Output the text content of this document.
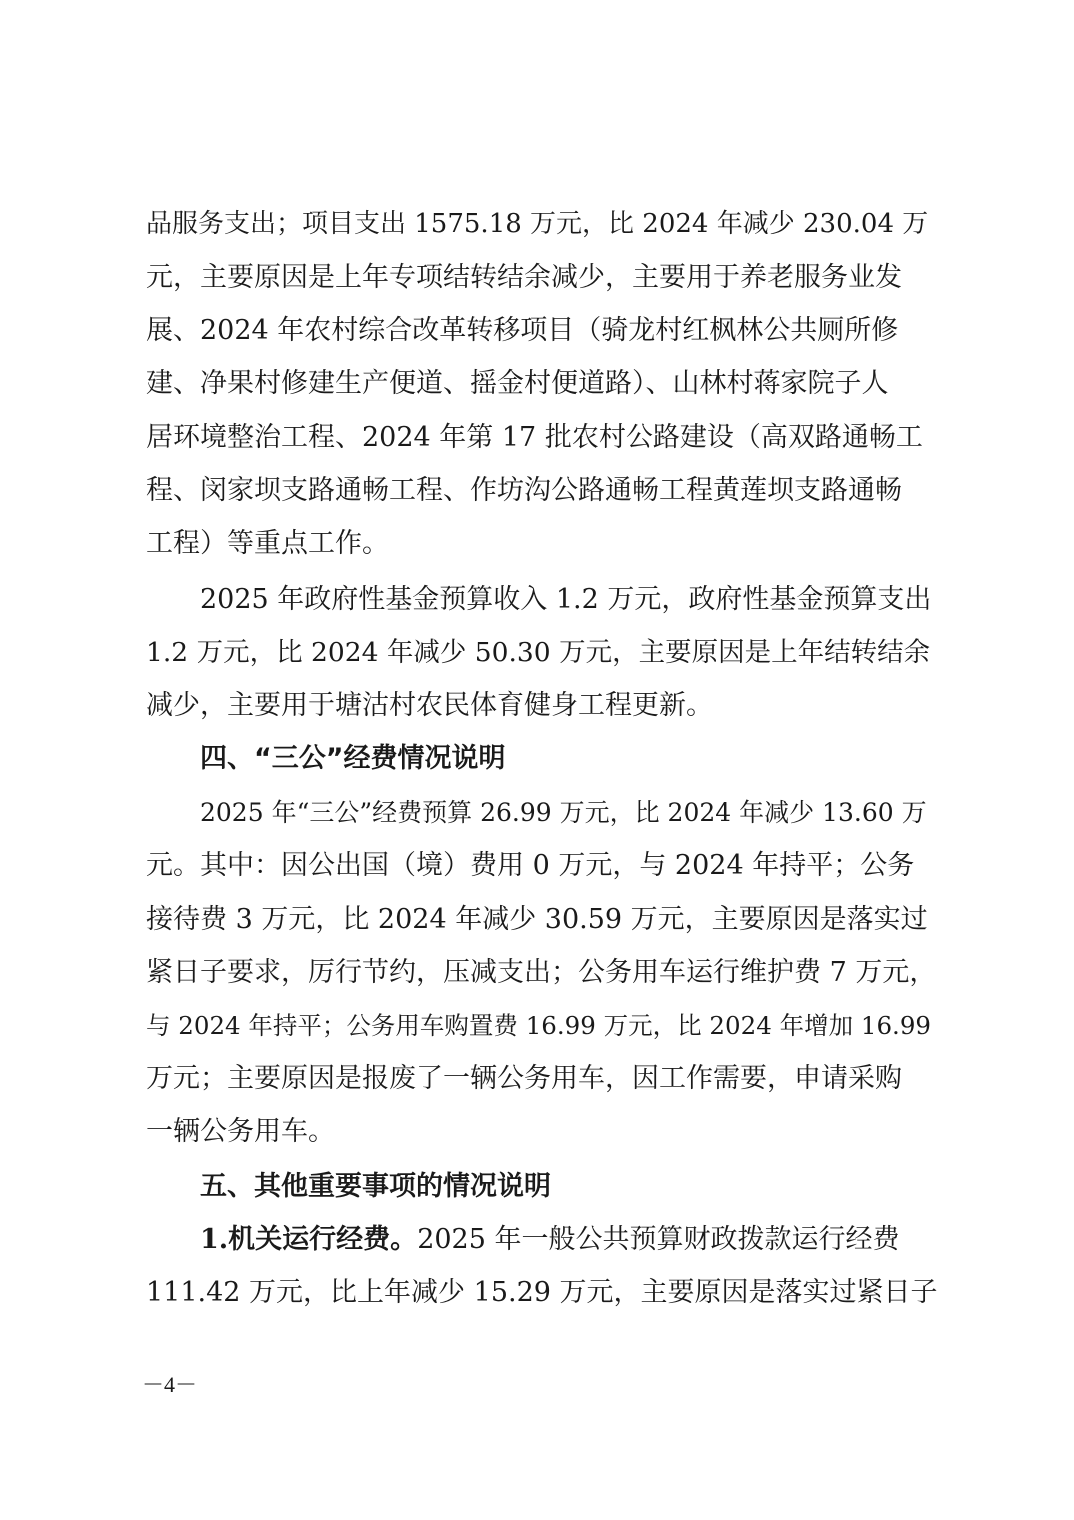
品服务支出；项目支出 1575.18 万元，比 2024 年减少 230.04 万
元，主要原因是上年专项结转结余减少，主要用于养老服务业发
展、2024 年农村综合改革转移项目（骑龙村红枫林公共厕所修
建、净果村修建生产便道、摇金村便道路）、山林村蒋家院子人
居环境整治工程、2024 年第 17 批农村公路建设（高双路通畅工
程、闵家坝支路通畅工程、作坊沟公路通畅工程黄莲坝支路通畅
工程）等重点工作。
2025 年政府性基金预算收入 1.2 万元，政府性基金预算支出
1.2 万元，比 2024 年减少 50.30 万元，主要原因是上年结转结余
减少，主要用于塘沽村农民体育健身工程更新。
四、“三公”经费情况说明
2025 年“三公”经费预算 26.99 万元，比 2024 年减少 13.60 万
元。其中：因公出国（境）费用 0 万元，与 2024 年持平；公务
接待费 3 万元，比 2024 年减少 30.59 万元，主要原因是落实过
紧日子要求，厉行节约，压减支出；公务用车运行维护费 7 万元，
与 2024 年持平；公务用车购置费 16.99 万元，比 2024 年增加 16.99
万元；主要原因是报废了一辆公务用车，因工作需要，申请采购
一辆公务用车。
五、其他重要事项的情况说明
1.机关运行经费。2025 年一般公共预算财政拨款运行经费
111.42 万元，比上年减少 15.29 万元，主要原因是落实过紧日子
－4－
